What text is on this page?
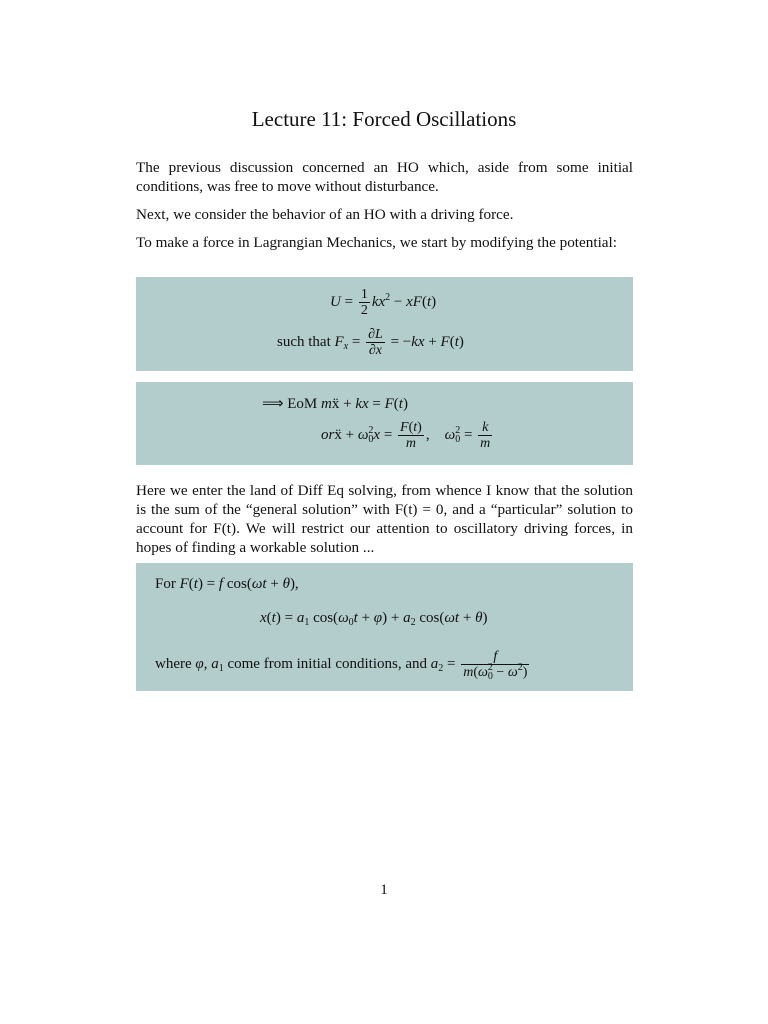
Lecture 11: Forced Oscillations

The previous discussion concerned an HO which, aside from some initial conditions, was free to move without disturbance.

Next, we consider the behavior of an HO with a driving force.

To make a force in Lagrangian Mechanics, we start by modifying the potential:

$U = \frac{1}{2} kx^2 - xF(t)$
such that $F_x = \frac{\partial L}{\partial x} = -kx + F(t)$
⟹ EoM mẍ + kx = F(t)
orẍ + $\omega_0^2x = \frac{F(t)}{m}$ ,    $\omega_0^2 = \frac{k}{m}$

Here we enter the land of Diff Eq solving, from whence I know that the solution is the sum of the “general solution” with F(t) = 0, and a “particular” solution to account for F(t). We will restrict our attention to oscillatory driving forces, in hopes of finding a workable solution ...

For F(t) = f cos(ωt + θ),
$x(t) = a_1$ $\cos(\omega_0t + \varphi) + a_2$ cos(ωt + θ)
where φ, $a_1$ come from initial conditions, and $a_2 = \frac{f}{m(\omega_0^2 - \omega^2)}$
1
